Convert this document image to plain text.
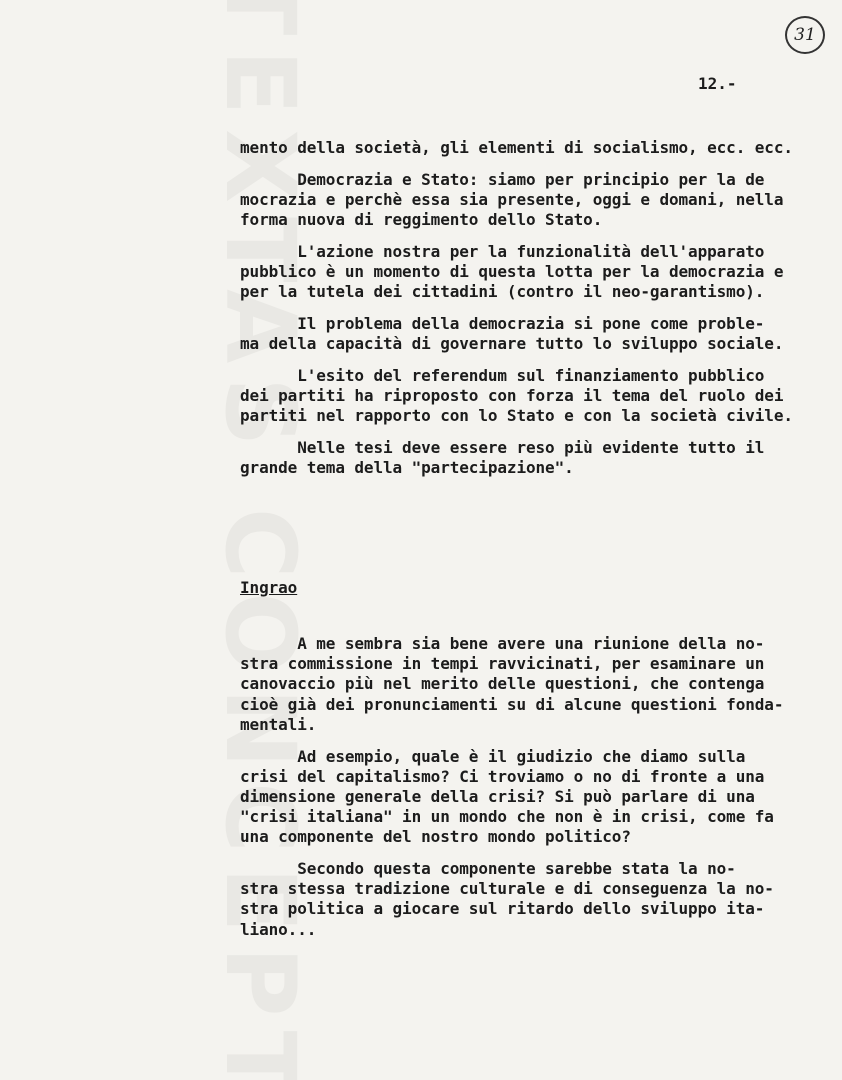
31
12.-
mento della società, gli elementi di socialismo, ecc. ecc.
Democrazia e Stato: siamo per principio per la de
mocrazia e perchè essa sia presente, oggi e domani, nella
forma nuova di reggimento dello Stato.
L'azione nostra per la funzionalità dell'apparato
pubblico è un momento di questa lotta per la democrazia e
per la tutela dei cittadini (contro il neo-garantismo).
Il problema della democrazia si pone come proble-
ma della capacità di governare tutto lo sviluppo sociale.
L'esito del referendum sul finanziamento pubblico
dei partiti ha riproposto con forza il tema del ruolo dei
partiti nel rapporto con lo Stato e con la società civile.
Nelle tesi deve essere reso più evidente tutto il
grande tema della "partecipazione".
Ingrao
A me sembra sia bene avere una riunione della no-
stra commissione in tempi ravvicinati, per esaminare un
canovaccio più nel merito delle questioni, che contenga
cioè già dei pronunciamenti su di alcune questioni fonda-
mentali.
Ad esempio, quale è il giudizio che diamo sulla
crisi del capitalismo? Ci troviamo o no di fronte a una
dimensione generale della crisi? Si può parlare di una
"crisi italiana" in un mondo che non è in crisi, come fa
una componente del nostro mondo politico?
Secondo questa componente sarebbe stata la no-
stra stessa tradizione culturale e di conseguenza la no-
stra politica a giocare sul ritardo dello sviluppo ita-
liano...
